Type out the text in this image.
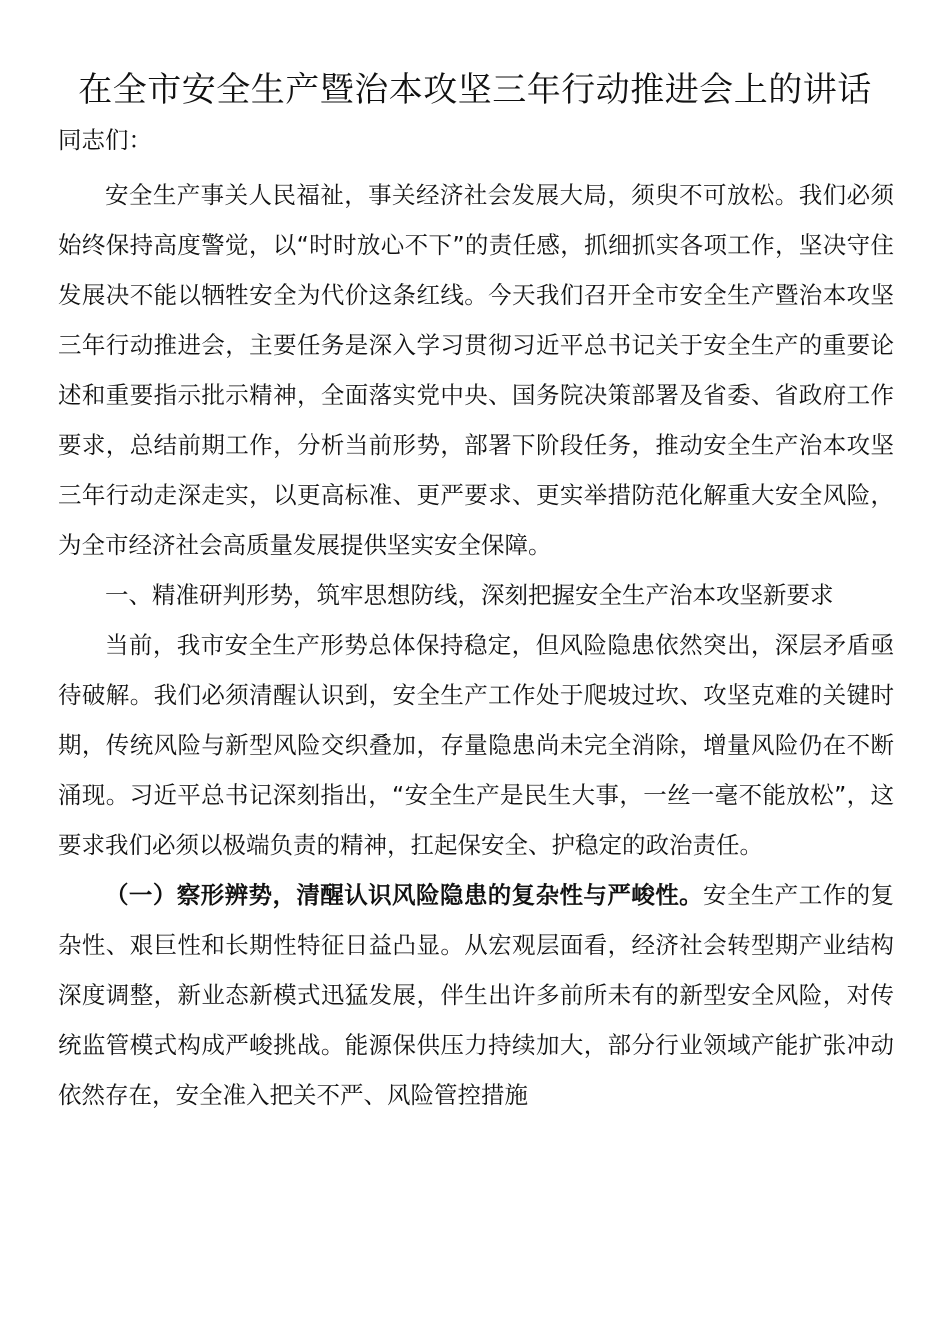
在全市安全生产暨治本攻坚三年行动推进会上的讲话

同志们：

安全生产事关人民福祉，事关经济社会发展大局，须臾不可放松。我们必须始终保持高度警觉，以“时时放心不下”的责任感，抓细抓实各项工作，坚决守住发展决不能以牺牲安全为代价这条红线。今天我们召开全市安全生产暨治本攻坚三年行动推进会，主要任务是深入学习贯彻习近平总书记关于安全生产的重要论述和重要指示批示精神，全面落实党中央、国务院决策部署及省委、省政府工作要求，总结前期工作，分析当前形势，部署下阶段任务，推动安全生产治本攻坚三年行动走深走实，以更高标准、更严要求、更实举措防范化解重大安全风险，为全市经济社会高质量发展提供坚实安全保障。

一、精准研判形势，筑牢思想防线，深刻把握安全生产治本攻坚新要求

当前，我市安全生产形势总体保持稳定，但风险隐患依然突出，深层矛盾亟待破解。我们必须清醒认识到，安全生产工作处于爬坡过坎、攻坚克难的关键时期，传统风险与新型风险交织叠加，存量隐患尚未完全消除，增量风险仍在不断涌现。习近平总书记深刻指出，“安全生产是民生大事，一丝一毫不能放松”，这要求我们必须以极端负责的精神，扛起保安全、护稳定的政治责任。

（一）察形辨势，清醒认识风险隐患的复杂性与严峻性。安全生产工作的复杂性、艰巨性和长期性特征日益凸显。从宏观层面看，经济社会转型期产业结构深度调整，新业态新模式迅猛发展，伴生出许多前所未有的新型安全风险，对传统监管模式构成严峻挑战。能源保供压力持续加大，部分行业领域产能扩张冲动依然存在，安全准入把关不严、风险管控措施
